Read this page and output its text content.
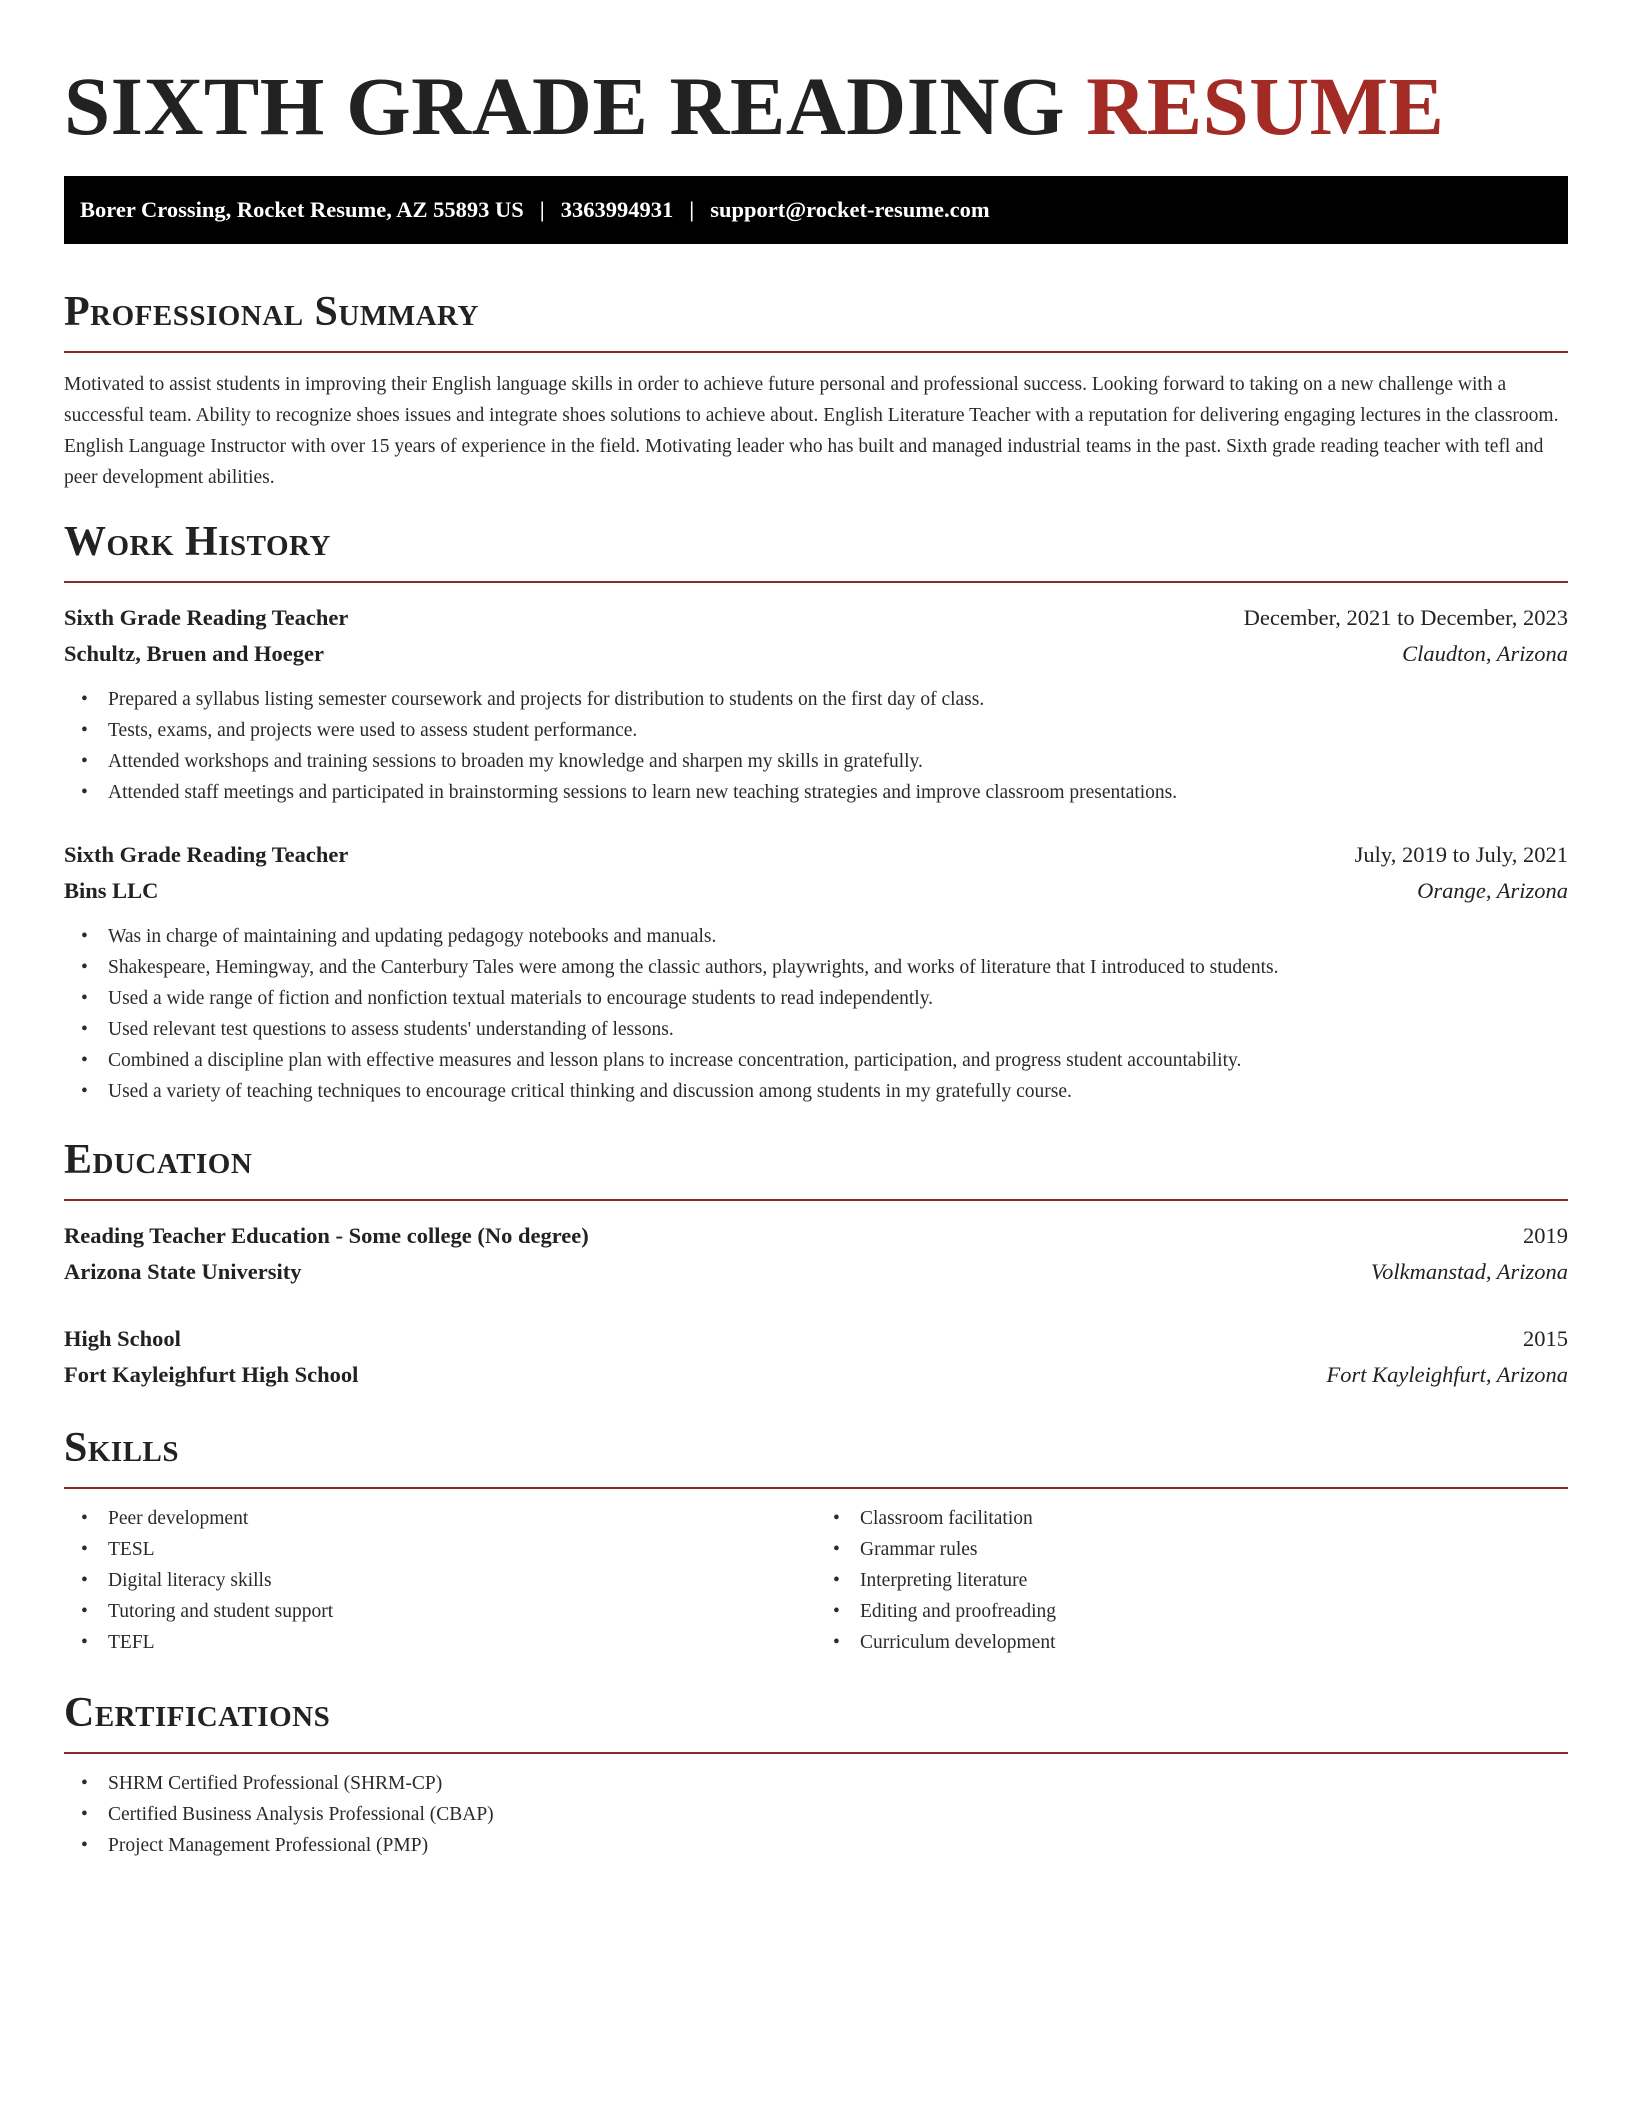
SIXTH GRADE READING RESUME
Borer Crossing, Rocket Resume, AZ 55893 US | 3363994931 | support@rocket-resume.com
Professional Summary

Motivated to assist students in improving their English language skills in order to achieve future personal and professional success. Looking forward to taking on a new challenge with a successful team. Ability to recognize shoes issues and integrate shoes solutions to achieve about. English Literature Teacher with a reputation for delivering engaging lectures in the classroom. English Language Instructor with over 15 years of experience in the field. Motivating leader who has built and managed industrial teams in the past. Sixth grade reading teacher with tefl and peer development abilities.

Work History
Sixth Grade Reading Teacher	December, 2021 to December, 2023
Schultz, Bruen and Hoeger	Claudton, Arizona
• Prepared a syllabus listing semester coursework and projects for distribution to students on the first day of class.
• Tests, exams, and projects were used to assess student performance.
• Attended workshops and training sessions to broaden my knowledge and sharpen my skills in gratefully.
• Attended staff meetings and participated in brainstorming sessions to learn new teaching strategies and improve classroom presentations.
Sixth Grade Reading Teacher	July, 2019 to July, 2021
Bins LLC	Orange, Arizona
• Was in charge of maintaining and updating pedagogy notebooks and manuals.
• Shakespeare, Hemingway, and the Canterbury Tales were among the classic authors, playwrights, and works of literature that I introduced to students.
• Used a wide range of fiction and nonfiction textual materials to encourage students to read independently.
• Used relevant test questions to assess students' understanding of lessons.
• Combined a discipline plan with effective measures and lesson plans to increase concentration, participation, and progress student accountability.
• Used a variety of teaching techniques to encourage critical thinking and discussion among students in my gratefully course.
Education
Reading Teacher Education - Some college (No degree)	2019
Arizona State University	Volkmanstad, Arizona
High School	2015
Fort Kayleighfurt High School	Fort Kayleighfurt, Arizona
Skills
• Peer development
• TESL
• Digital literacy skills
• Tutoring and student support
• TEFL
• Classroom facilitation
• Grammar rules
• Interpreting literature
• Editing and proofreading
• Curriculum development
Certifications
• SHRM Certified Professional (SHRM-CP)
• Certified Business Analysis Professional (CBAP)
• Project Management Professional (PMP)
